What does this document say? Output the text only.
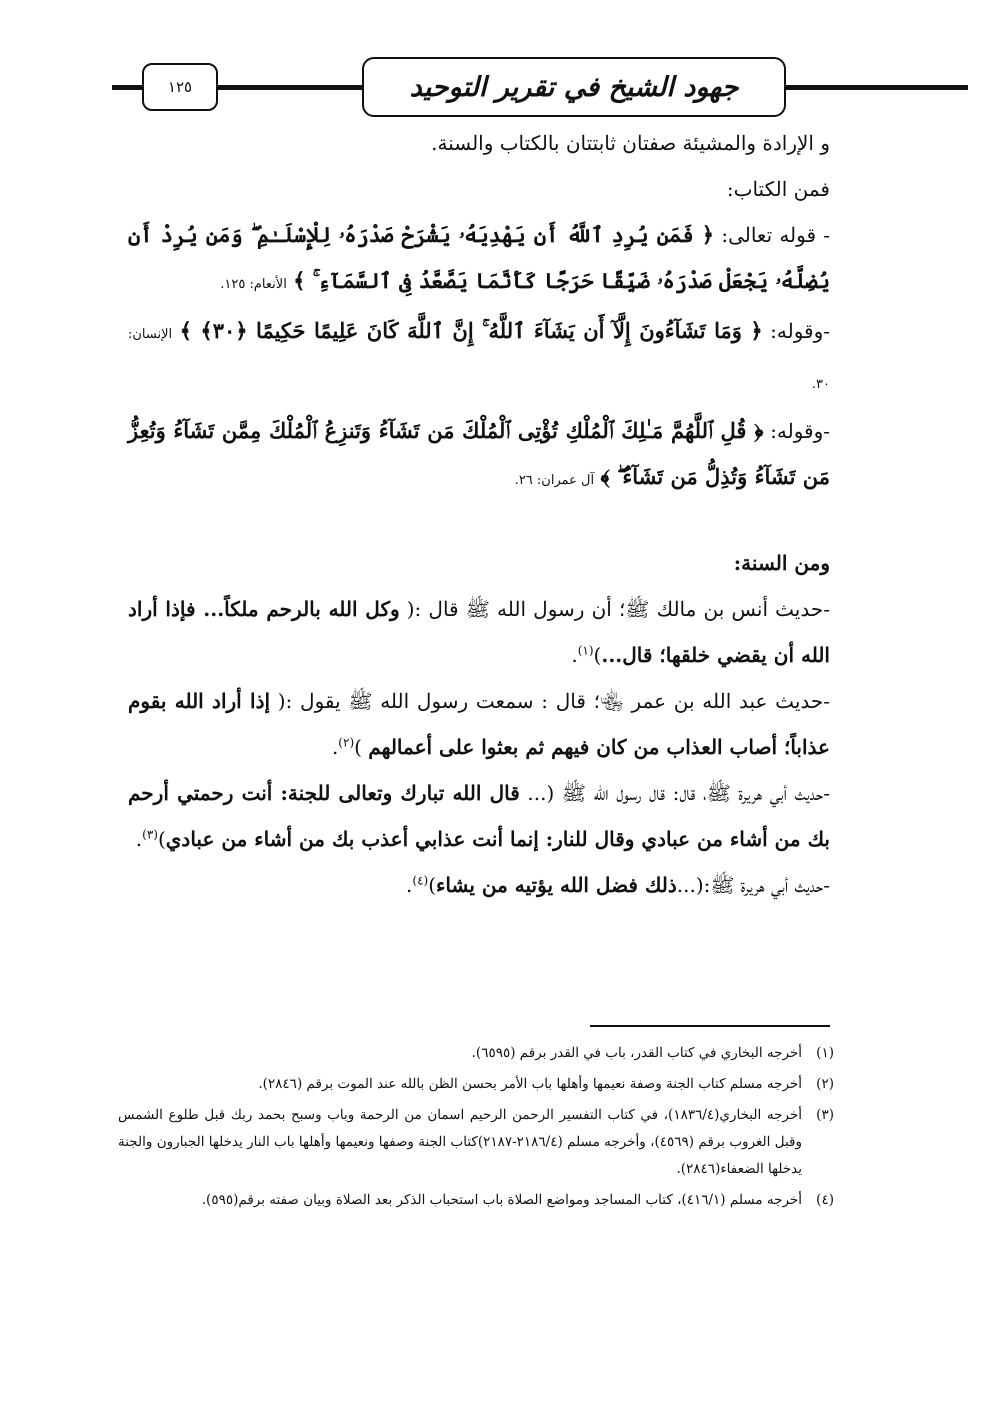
١٢٥	جهود الشيخ في تقرير التوحيد

و الإرادة والمشيئة صفتان ثابتتان بالكتاب والسنة.

فمن الكتاب:

- قوله تعالى: ﴿ فَمَن يُرِدِ ٱللَّهُ أَن يَهْدِيَهُۥ يَشْرَحْ صَدْرَهُۥ لِلْإِسْلَـٰمِ ۖ وَمَن يُرِدْ أَن يُضِلَّهُۥ يَجْعَلْ صَدْرَهُۥ ضَيِّقًا حَرَجًا كَأَنَّمَا يَصَّعَّدُ فِى ٱلسَّمَآءِ ۚ ﴾ الأنعام: ١٢٥.

-وقوله: ﴿ وَمَا تَشَآءُونَ إِلَّآ أَن يَشَآءَ ٱللَّهُ ۚ إِنَّ ٱللَّهَ كَانَ عَلِيمًا حَكِيمًا ﴿٣٠﴾ ﴾ الإنسان: ٣٠.

-وقوله: ﴿ قُلِ ٱللَّهُمَّ مَـٰلِكَ ٱلْمُلْكِ تُؤْتِى ٱلْمُلْكَ مَن تَشَآءُ وَتَنزِعُ ٱلْمُلْكَ مِمَّن تَشَآءُ وَتُعِزُّ مَن تَشَآءُ وَتُذِلُّ مَن تَشَآءُ ۖ ﴾ آل عمران: ٢٦.

ومن السنة:

-حديث أنس بن مالك ﷺ؛ أن رسول الله ﷺ قال :( وكل الله بالرحم ملكاً... فإذا أراد الله أن يقضي خلقها؛ قال...)$^{(١)}$.

-حديث عبد الله بن عمر ﵄؛ قال : سمعت رسول الله ﷺ يقول :( إذا أراد الله بقوم عذاباً؛ أصاب العذاب من كان فيهم ثم بعثوا على أعمالهم )$^{(٢)}$.

-حديث أبي هريرة ﷺ، قال: قال رسول الله ﷺ (... قال الله تبارك وتعالى للجنة: أنت رحمتي أرحم بك من أشاء من عبادي وقال للنار: إنما أنت عذابي أعذب بك من أشاء من عبادي)$^{(٣)}$.

-حديث أبي هريرة ﷺ:(...ذلك فضل الله يؤتيه من يشاء)$^{(٤)}$.

(١)
أخرجه البخاري في كتاب القدر، باب في القدر برقم (٦٥٩٥).
(٢)
أخرجه مسلم كتاب الجنة وصفة نعيمها وأهلها باب الأمر بحسن الظن بالله عند الموت برقم (٢٨٤٦).
(٣)
أخرجه البخاري(١٨٣٦/٤)، في كتاب التفسير الرحمن الرحيم اسمان من الرحمة وباب وسبح بحمد ربك قبل طلوع الشمس وقبل الغروب برقم (٤٥٦٩)، وأخرجه مسلم (٢١٨٦/٤-٢١٨٧)كتاب الجنة وصفها ونعيمها وأهلها باب النار يدخلها الجبارون والجنة يدخلها الضعفاء(٢٨٤٦).
(٤)
أخرجه مسلم (٤١٦/١)، كتاب المساجد ومواضع الصلاة باب استحباب الذكر بعد الصلاة وبيان صفته برقم(٥٩٥).
